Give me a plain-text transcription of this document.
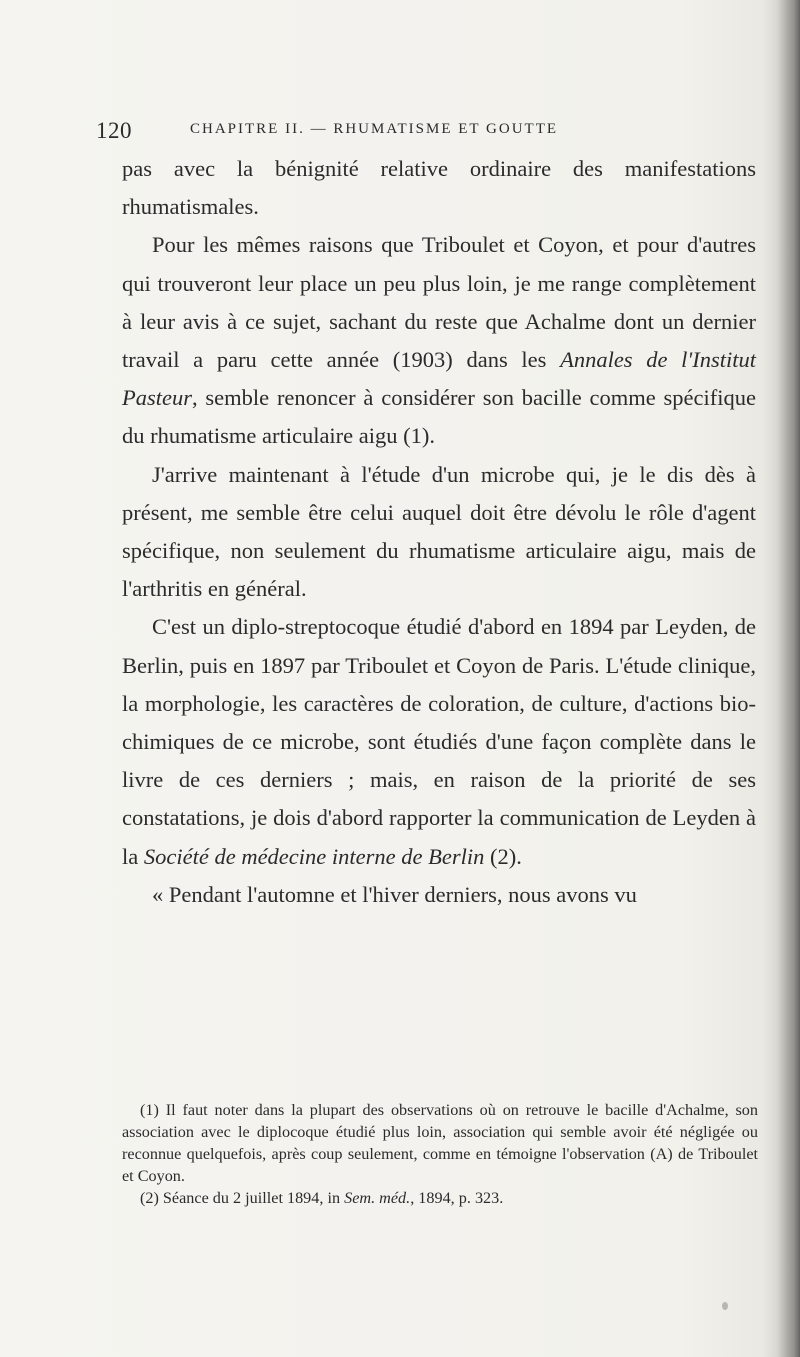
120	CHAPITRE II. — RHUMATISME ET GOUTTE

pas avec la bénignité relative ordinaire des manifestations rhumatismales.

Pour les mêmes raisons que Triboulet et Coyon, et pour d'autres qui trouveront leur place un peu plus loin, je me range complètement à leur avis à ce sujet, sachant du reste que Achalme dont un dernier travail a paru cette année (1903) dans les Annales de l'Institut Pasteur, semble renoncer à considérer son bacille comme spécifique du rhumatisme articulaire aigu (1).

J'arrive maintenant à l'étude d'un microbe qui, je le dis dès à présent, me semble être celui auquel doit être dévolu le rôle d'agent spécifique, non seulement du rhumatisme articulaire aigu, mais de l'arthritis en général.

C'est un diplo-streptocoque étudié d'abord en 1894 par Leyden, de Berlin, puis en 1897 par Triboulet et Coyon de Paris. L'étude clinique, la morphologie, les caractères de coloration, de culture, d'actions bio-chimiques de ce microbe, sont étudiés d'une façon complète dans le livre de ces derniers ; mais, en raison de la priorité de ses constatations, je dois d'abord rapporter la communication de Leyden à la Société de médecine interne de Berlin (2).

« Pendant l'automne et l'hiver derniers, nous avons vu

(1) Il faut noter dans la plupart des observations où on retrouve le bacille d'Achalme, son association avec le diplocoque étudié plus loin, association qui semble avoir été négligée ou reconnue quelquefois, après coup seulement, comme en témoigne l'observation (A) de Triboulet et Coyon.

(2) Séance du 2 juillet 1894, in Sem. méd., 1894, p. 323.
